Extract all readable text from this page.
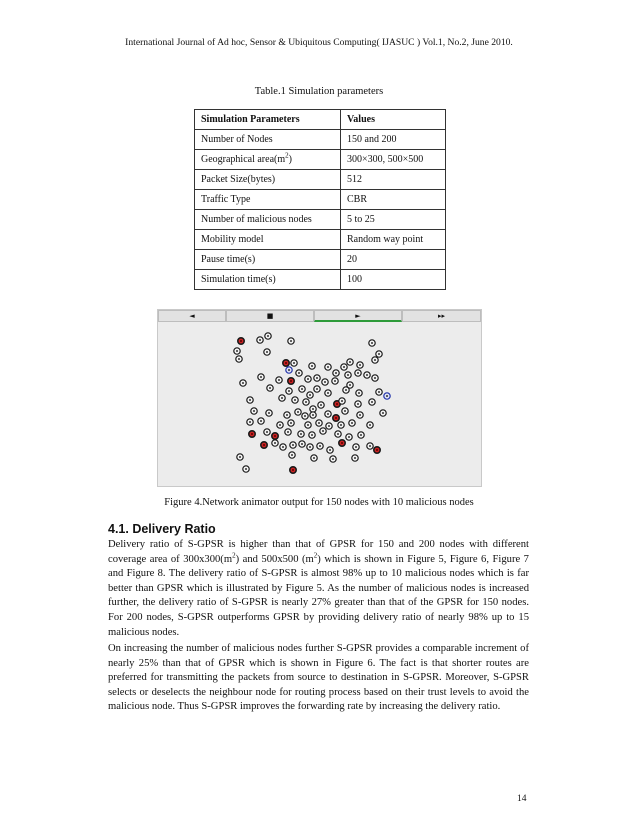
International Journal of Ad hoc, Sensor & Ubiquitous Computing( IJASUC ) Vol.1, No.2, June 2010.
Table.1 Simulation parameters
Simulation Parameters	Values
Number of Nodes	150 and 200
Geographical $area(m^2)$	300×300, 500×500
Packet Size(bytes)	512
Traffic Type	CBR
Number of malicious nodes	5 to 25
Mobility model	Random way point
Pause time(s)	20
Simulation time(s)	100
◄	■	►	▸▸
Figure 4.Network animator output for 150 nodes with 10 malicious nodes
4.1. Delivery Ratio
Delivery ratio of S-GPSR is higher than that of GPSR for 150 and 200 nodes with different coverage area of $300x300(m^2)$ and 500x500 $(m^2)$ which is shown in Figure 5, Figure 6, Figure 7 and Figure 8. The delivery ratio of S-GPSR is almost 98% up to 10 malicious nodes which is far better than GPSR which is illustrated by Figure 5. As the number of malicious nodes is increased further, the delivery ratio of S-GPSR is nearly 27% greater than that of the GPSR for 150 nodes. For 200 nodes, S-GPSR outperforms GPSR by providing delivery ratio of nearly 98% up to 15 malicious nodes.
On increasing the number of malicious nodes further S-GPSR provides a comparable increment of nearly 25% than that of GPSR which is shown in Figure 6. The fact is that shorter routes are preferred for transmitting the packets from source to destination in S-GPSR. Moreover, S-GPSR selects or deselects the neighbour node for routing process based on their trust levels to avoid the malicious node. Thus S-GPSR improves the forwarding rate by increasing the delivery ratio.
14
